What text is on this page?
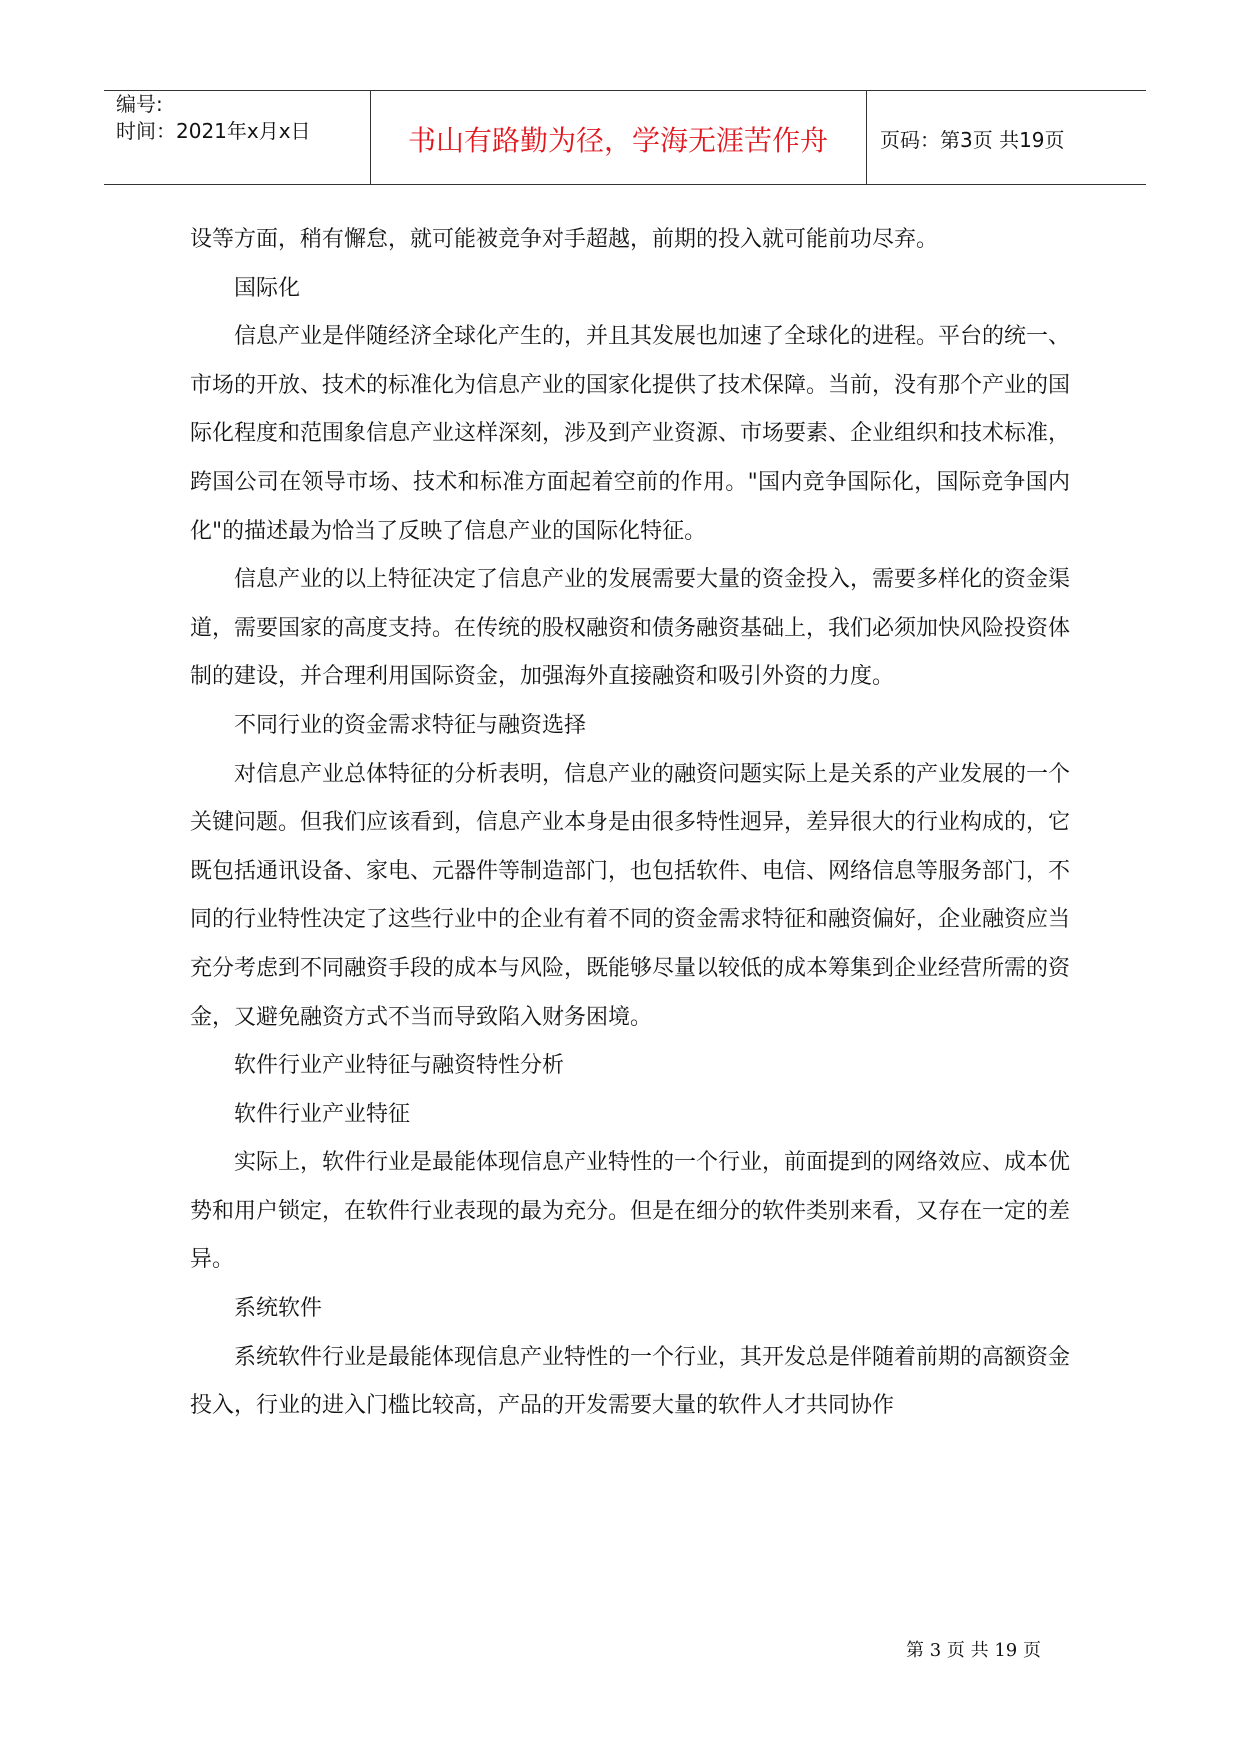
编号:
时间：2021年x月x日	书山有路勤为径，学海无涯苦作舟	页码：第3页 共19页

设等方面，稍有懈怠，就可能被竞争对手超越，前期的投入就可能前功尽弃。

国际化

信息产业是伴随经济全球化产生的，并且其发展也加速了全球化的进程。平台的统一、市场的开放、技术的标准化为信息产业的国家化提供了技术保障。当前，没有那个产业的国际化程度和范围象信息产业这样深刻，涉及到产业资源、市场要素、企业组织和技术标准，跨国公司在领导市场、技术和标准方面起着空前的作用。"国内竞争国际化，国际竞争国内化"的描述最为恰当了反映了信息产业的国际化特征。

信息产业的以上特征决定了信息产业的发展需要大量的资金投入，需要多样化的资金渠道，需要国家的高度支持。在传统的股权融资和债务融资基础上，我们必须加快风险投资体制的建设，并合理利用国际资金，加强海外直接融资和吸引外资的力度。

不同行业的资金需求特征与融资选择

对信息产业总体特征的分析表明，信息产业的融资问题实际上是关系的产业发展的一个关键问题。但我们应该看到，信息产业本身是由很多特性迥异，差异很大的行业构成的，它既包括通讯设备、家电、元器件等制造部门，也包括软件、电信、网络信息等服务部门，不同的行业特性决定了这些行业中的企业有着不同的资金需求特征和融资偏好，企业融资应当充分考虑到不同融资手段的成本与风险，既能够尽量以较低的成本筹集到企业经营所需的资金，又避免融资方式不当而导致陷入财务困境。

软件行业产业特征与融资特性分析

软件行业产业特征

实际上，软件行业是最能体现信息产业特性的一个行业，前面提到的网络效应、成本优势和用户锁定，在软件行业表现的最为充分。但是在细分的软件类别来看，又存在一定的差异。

系统软件

系统软件行业是最能体现信息产业特性的一个行业，其开发总是伴随着前期的高额资金投入，行业的进入门槛比较高，产品的开发需要大量的软件人才共同协作

第 3 页 共 19 页
